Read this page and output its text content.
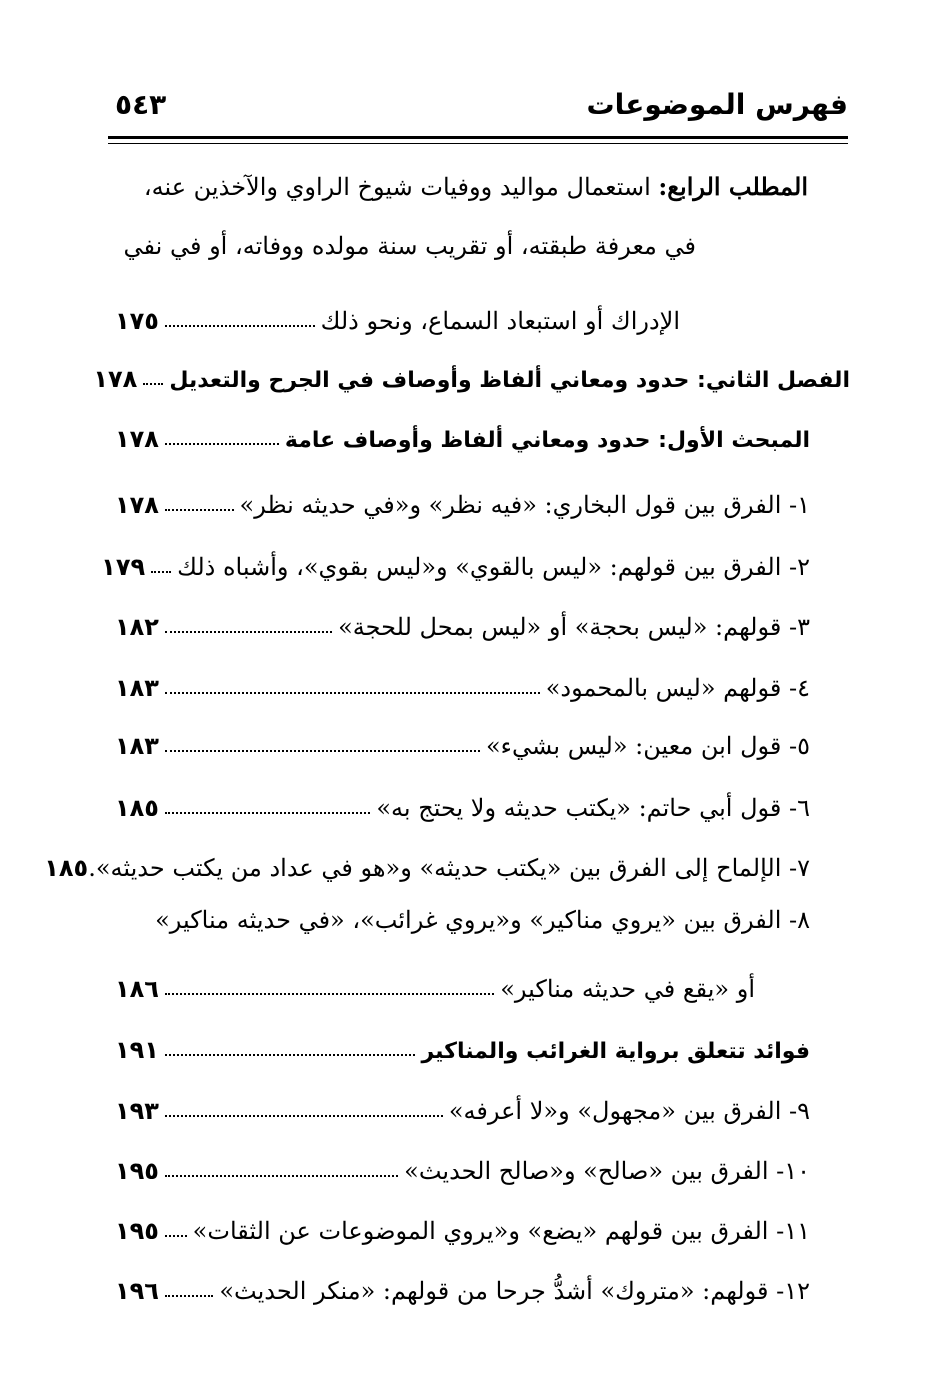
فهرس الموضوعات
٥٤٣
المطلب الرابع: استعمال مواليد ووفيات شيوخ الراوي والآخذين عنه،
في معرفة طبقته، أو تقريب سنة مولده ووفاته، أو في نفي
الإدراك أو استبعاد السماع، ونحو ذلك
١٧٥
الفصل الثاني: حدود ومعاني ألفاظ وأوصاف في الجرح والتعديل
١٧٨
المبحث الأول: حدود ومعاني ألفاظ وأوصاف عامة
١٧٨
١- الفرق بين قول البخاري: «فيه نظر» و«في حديثه نظر»
١٧٨
٢- الفرق بين قولهم: «ليس بالقوي» و«ليس بقوي»، وأشباه ذلك
١٧٩
٣- قولهم: «ليس بحجة» أو «ليس بمحل للحجة»
١٨٢
٤- قولهم «ليس بالمحمود»
١٨٣
٥- قول ابن معين: «ليس بشيء»
١٨٣
٦- قول أبي حاتم: «يكتب حديثه ولا يحتج به»
١٨٥
٧- الإلماح إلى الفرق بين «يكتب حديثه» و«هو في عداد من يكتب حديثه».
١٨٥
٨- الفرق بين «يروي مناكير» و«يروي غرائب»، «في حديثه مناكير»
أو «يقع في حديثه مناكير»
١٨٦
فوائد تتعلق برواية الغرائب والمناكير
١٩١
٩- الفرق بين «مجهول» و«لا أعرفه»
١٩٣
١٠- الفرق بين «صالح» و«صالح الحديث»
١٩٥
١١- الفرق بين قولهم «يضع» و«يروي الموضوعات عن الثقات»
١٩٥
١٢- قولهم: «متروك» أشدُّ جرحا من قولهم: «منكر الحديث»
١٩٦
